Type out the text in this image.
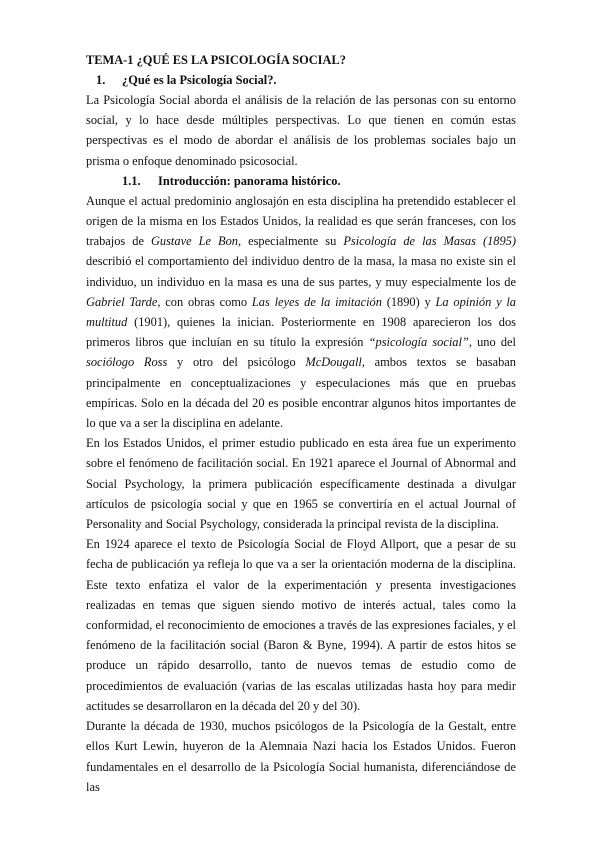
TEMA-1 ¿QUÉ ES LA PSICOLOGÍA SOCIAL?
1.	¿Qué es la Psicología Social?.

La Psicología Social aborda el análisis de la relación de las personas con su entorno social, y lo hace desde múltiples perspectivas. Lo que tienen en común estas perspectivas es el modo de abordar el análisis de los problemas sociales bajo un prisma o enfoque denominado psicosocial.

1.1.	Introducción: panorama histórico.

Aunque el actual predominio anglosajón en esta disciplina ha pretendido establecer el origen de la misma en los Estados Unidos, la realidad es que serán franceses, con los trabajos de Gustave Le Bon, especialmente su Psicología de las Masas (1895) describió el comportamiento del individuo dentro de la masa, la masa no existe sin el individuo, un individuo en la masa es una de sus partes, y muy especialmente los de Gabriel Tarde, con obras como Las leyes de la imitación (1890) y La opinión y la multitud (1901), quienes la inician. Posteriormente en 1908 aparecieron los dos primeros libros que incluían en su título la expresión “psicología social”, uno del sociólogo Ross y otro del psicólogo McDougall, ambos textos se basaban principalmente en conceptualizaciones y especulaciones más que en pruebas empíricas. Solo en la década del 20 es posible encontrar algunos hitos importantes de lo que va a ser la disciplina en adelante.

En los Estados Unidos, el primer estudio publicado en esta área fue un experimento sobre el fenómeno de facilitación social. En 1921 aparece el Journal of Abnormal and Social Psychology, la primera publicación específicamente destinada a divulgar artículos de psicología social y que en 1965 se convertiría en el actual Journal of Personality and Social Psychology, considerada la principal revista de la disciplina.

En 1924 aparece el texto de Psicología Social de Floyd Allport, que a pesar de su fecha de publicación ya refleja lo que va a ser la orientación moderna de la disciplina. Este texto enfatiza el valor de la experimentación y presenta investigaciones realizadas en temas que siguen siendo motivo de interés actual, tales como la conformidad, el reconocimiento de emociones a través de las expresiones faciales, y el fenómeno de la facilitación social (Baron & Byne, 1994). A partir de estos hitos se produce un rápido desarrollo, tanto de nuevos temas de estudio como de procedimientos de evaluación (varias de las escalas utilizadas hasta hoy para medir actitudes se desarrollaron en la década del 20 y del 30).

Durante la década de 1930, muchos psicólogos de la Psicología de la Gestalt, entre ellos Kurt Lewin, huyeron de la Alemnaia Nazi hacia los Estados Unidos. Fueron fundamentales en el desarrollo de la Psicología Social humanista, diferenciándose de las
